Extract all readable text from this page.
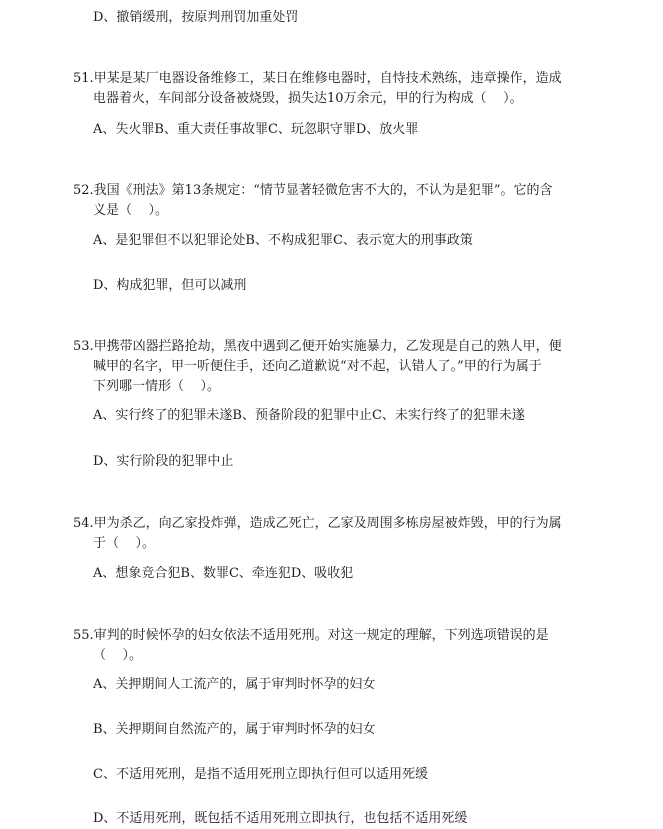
D、撤销缓刑，按原判刑罚加重处罚
51.甲某是某厂电器设备维修工，某日在维修电器时，自恃技术熟练，违章操作，造成
电器着火，车间部分设备被烧毁，损失达10万余元，甲的行为构成（    ）。
A、失火罪B、重大责任事故罪C、玩忽职守罪D、放火罪
52.我国《刑法》第13条规定：“情节显著轻微危害不大的，不认为是犯罪”。它的含
义是（    ）。
A、是犯罪但不以犯罪论处B、不构成犯罪C、表示宽大的刑事政策
D、构成犯罪，但可以减刑
53.甲携带凶器拦路抢劫，黑夜中遇到乙便开始实施暴力，乙发现是自己的熟人甲，便
喊甲的名字，甲一听便住手，还向乙道歉说“对不起，认错人了。”甲的行为属于
下列哪一情形（    ）。
A、实行终了的犯罪未遂B、预备阶段的犯罪中止C、未实行终了的犯罪未遂
D、实行阶段的犯罪中止
54.甲为杀乙，向乙家投炸弹，造成乙死亡，乙家及周围多栋房屋被炸毁，甲的行为属
于（    ）。
A、想象竞合犯B、数罪C、牵连犯D、吸收犯
55.审判的时候怀孕的妇女依法不适用死刑。对这一规定的理解，下列选项错误的是
（    ）。
A、关押期间人工流产的，属于审判时怀孕的妇女
B、关押期间自然流产的，属于审判时怀孕的妇女
C、不适用死刑，是指不适用死刑立即执行但可以适用死缓
D、不适用死刑，既包括不适用死刑立即执行，也包括不适用死缓
